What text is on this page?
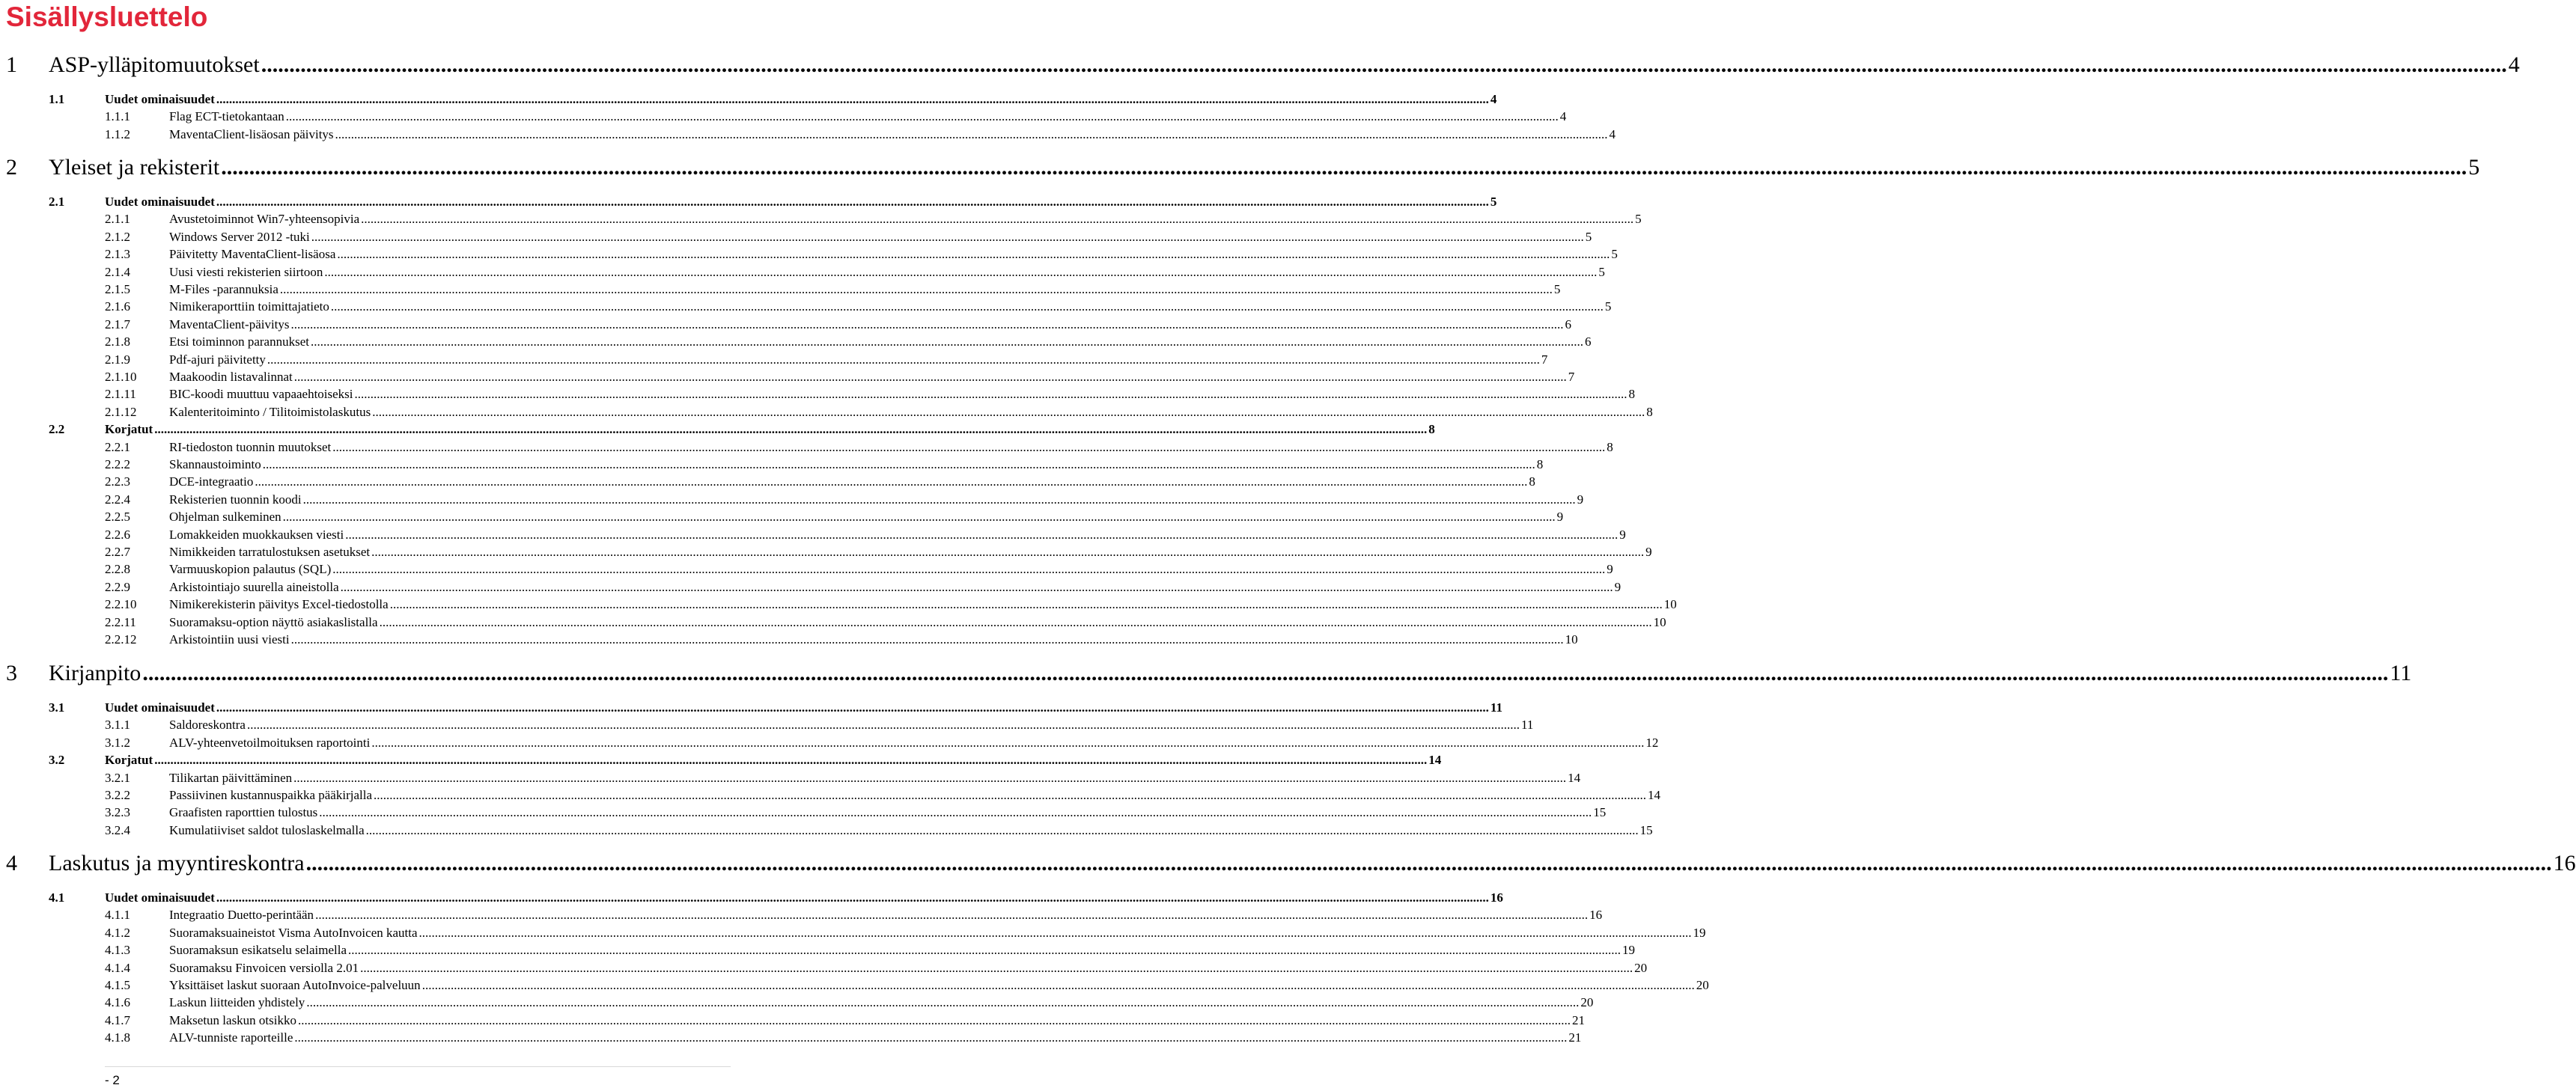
Sisällysluettelo
1	ASP-ylläpitomuutokset ................................................................................................................................................................................................................................................................................................................................................................................................................ 4
1.1	Uudet ominaisuudet ................................................................................................................................................................................................................................................................................................................................................................................................................ 4
1.1.1	Flag ECT-tietokantaan ................................................................................................................................................................................................................................................................................................................................................................................................................ 4
1.1.2	MaventaClient-lisäosan päivitys ................................................................................................................................................................................................................................................................................................................................................................................................................ 4
2	Yleiset ja rekisterit ................................................................................................................................................................................................................................................................................................................................................................................................................ 5
2.1	Uudet ominaisuudet ................................................................................................................................................................................................................................................................................................................................................................................................................ 5
2.1.1	Avustetoiminnot Win7-yhteensopivia ................................................................................................................................................................................................................................................................................................................................................................................................................ 5
2.1.2	Windows Server 2012 -tuki ................................................................................................................................................................................................................................................................................................................................................................................................................ 5
2.1.3	Päivitetty MaventaClient-lisäosa ................................................................................................................................................................................................................................................................................................................................................................................................................ 5
2.1.4	Uusi viesti rekisterien siirtoon ................................................................................................................................................................................................................................................................................................................................................................................................................ 5
2.1.5	M-Files -parannuksia ................................................................................................................................................................................................................................................................................................................................................................................................................ 5
2.1.6	Nimikeraporttiin toimittajatieto ................................................................................................................................................................................................................................................................................................................................................................................................................ 5
2.1.7	MaventaClient-päivitys ................................................................................................................................................................................................................................................................................................................................................................................................................ 6
2.1.8	Etsi toiminnon parannukset ................................................................................................................................................................................................................................................................................................................................................................................................................ 6
2.1.9	Pdf-ajuri päivitetty ................................................................................................................................................................................................................................................................................................................................................................................................................ 7
2.1.10	Maakoodin listavalinnat ................................................................................................................................................................................................................................................................................................................................................................................................................ 7
2.1.11	BIC-koodi muuttuu vapaaehtoiseksi ................................................................................................................................................................................................................................................................................................................................................................................................................ 8
2.1.12	Kalenteritoiminto / Tilitoimistolaskutus ................................................................................................................................................................................................................................................................................................................................................................................................................ 8
2.2	Korjatut ................................................................................................................................................................................................................................................................................................................................................................................................................ 8
2.2.1	RI-tiedoston tuonnin muutokset ................................................................................................................................................................................................................................................................................................................................................................................................................ 8
2.2.2	Skannaustoiminto ................................................................................................................................................................................................................................................................................................................................................................................................................ 8
2.2.3	DCE-integraatio ................................................................................................................................................................................................................................................................................................................................................................................................................ 8
2.2.4	Rekisterien tuonnin koodi ................................................................................................................................................................................................................................................................................................................................................................................................................ 9
2.2.5	Ohjelman sulkeminen ................................................................................................................................................................................................................................................................................................................................................................................................................ 9
2.2.6	Lomakkeiden muokkauksen viesti ................................................................................................................................................................................................................................................................................................................................................................................................................ 9
2.2.7	Nimikkeiden tarratulostuksen asetukset ................................................................................................................................................................................................................................................................................................................................................................................................................ 9
2.2.8	Varmuuskopion palautus (SQL) ................................................................................................................................................................................................................................................................................................................................................................................................................ 9
2.2.9	Arkistointiajo suurella aineistolla ................................................................................................................................................................................................................................................................................................................................................................................................................ 9
2.2.10	Nimikerekisterin päivitys Excel-tiedostolla ................................................................................................................................................................................................................................................................................................................................................................................................................ 10
2.2.11	Suoramaksu-option näyttö asiakaslistalla ................................................................................................................................................................................................................................................................................................................................................................................................................ 10
2.2.12	Arkistointiin uusi viesti ................................................................................................................................................................................................................................................................................................................................................................................................................ 10
3	Kirjanpito ................................................................................................................................................................................................................................................................................................................................................................................................................ 11
3.1	Uudet ominaisuudet ................................................................................................................................................................................................................................................................................................................................................................................................................ 11
3.1.1	Saldoreskontra ................................................................................................................................................................................................................................................................................................................................................................................................................ 11
3.1.2	ALV-yhteenvetoilmoituksen raportointi ................................................................................................................................................................................................................................................................................................................................................................................................................ 12
3.2	Korjatut ................................................................................................................................................................................................................................................................................................................................................................................................................ 14
3.2.1	Tilikartan päivittäminen ................................................................................................................................................................................................................................................................................................................................................................................................................ 14
3.2.2	Passiivinen kustannuspaikka pääkirjalla ................................................................................................................................................................................................................................................................................................................................................................................................................ 14
3.2.3	Graafisten raporttien tulostus ................................................................................................................................................................................................................................................................................................................................................................................................................ 15
3.2.4	Kumulatiiviset saldot tuloslaskelmalla ................................................................................................................................................................................................................................................................................................................................................................................................................ 15
4	Laskutus ja myyntireskontra ................................................................................................................................................................................................................................................................................................................................................................................................................ 16
4.1	Uudet ominaisuudet ................................................................................................................................................................................................................................................................................................................................................................................................................ 16
4.1.1	Integraatio Duetto-perintään ................................................................................................................................................................................................................................................................................................................................................................................................................ 16
4.1.2	Suoramaksuaineistot Visma AutoInvoicen kautta ................................................................................................................................................................................................................................................................................................................................................................................................................ 19
4.1.3	Suoramaksun esikatselu selaimella ................................................................................................................................................................................................................................................................................................................................................................................................................ 19
4.1.4	Suoramaksu Finvoicen versiolla 2.01 ................................................................................................................................................................................................................................................................................................................................................................................................................ 20
4.1.5	Yksittäiset laskut suoraan AutoInvoice-palveluun ................................................................................................................................................................................................................................................................................................................................................................................................................ 20
4.1.6	Laskun liitteiden yhdistely ................................................................................................................................................................................................................................................................................................................................................................................................................ 20
4.1.7	Maksetun laskun otsikko ................................................................................................................................................................................................................................................................................................................................................................................................................ 21
4.1.8	ALV-tunniste raporteille ................................................................................................................................................................................................................................................................................................................................................................................................................ 21
- 2
